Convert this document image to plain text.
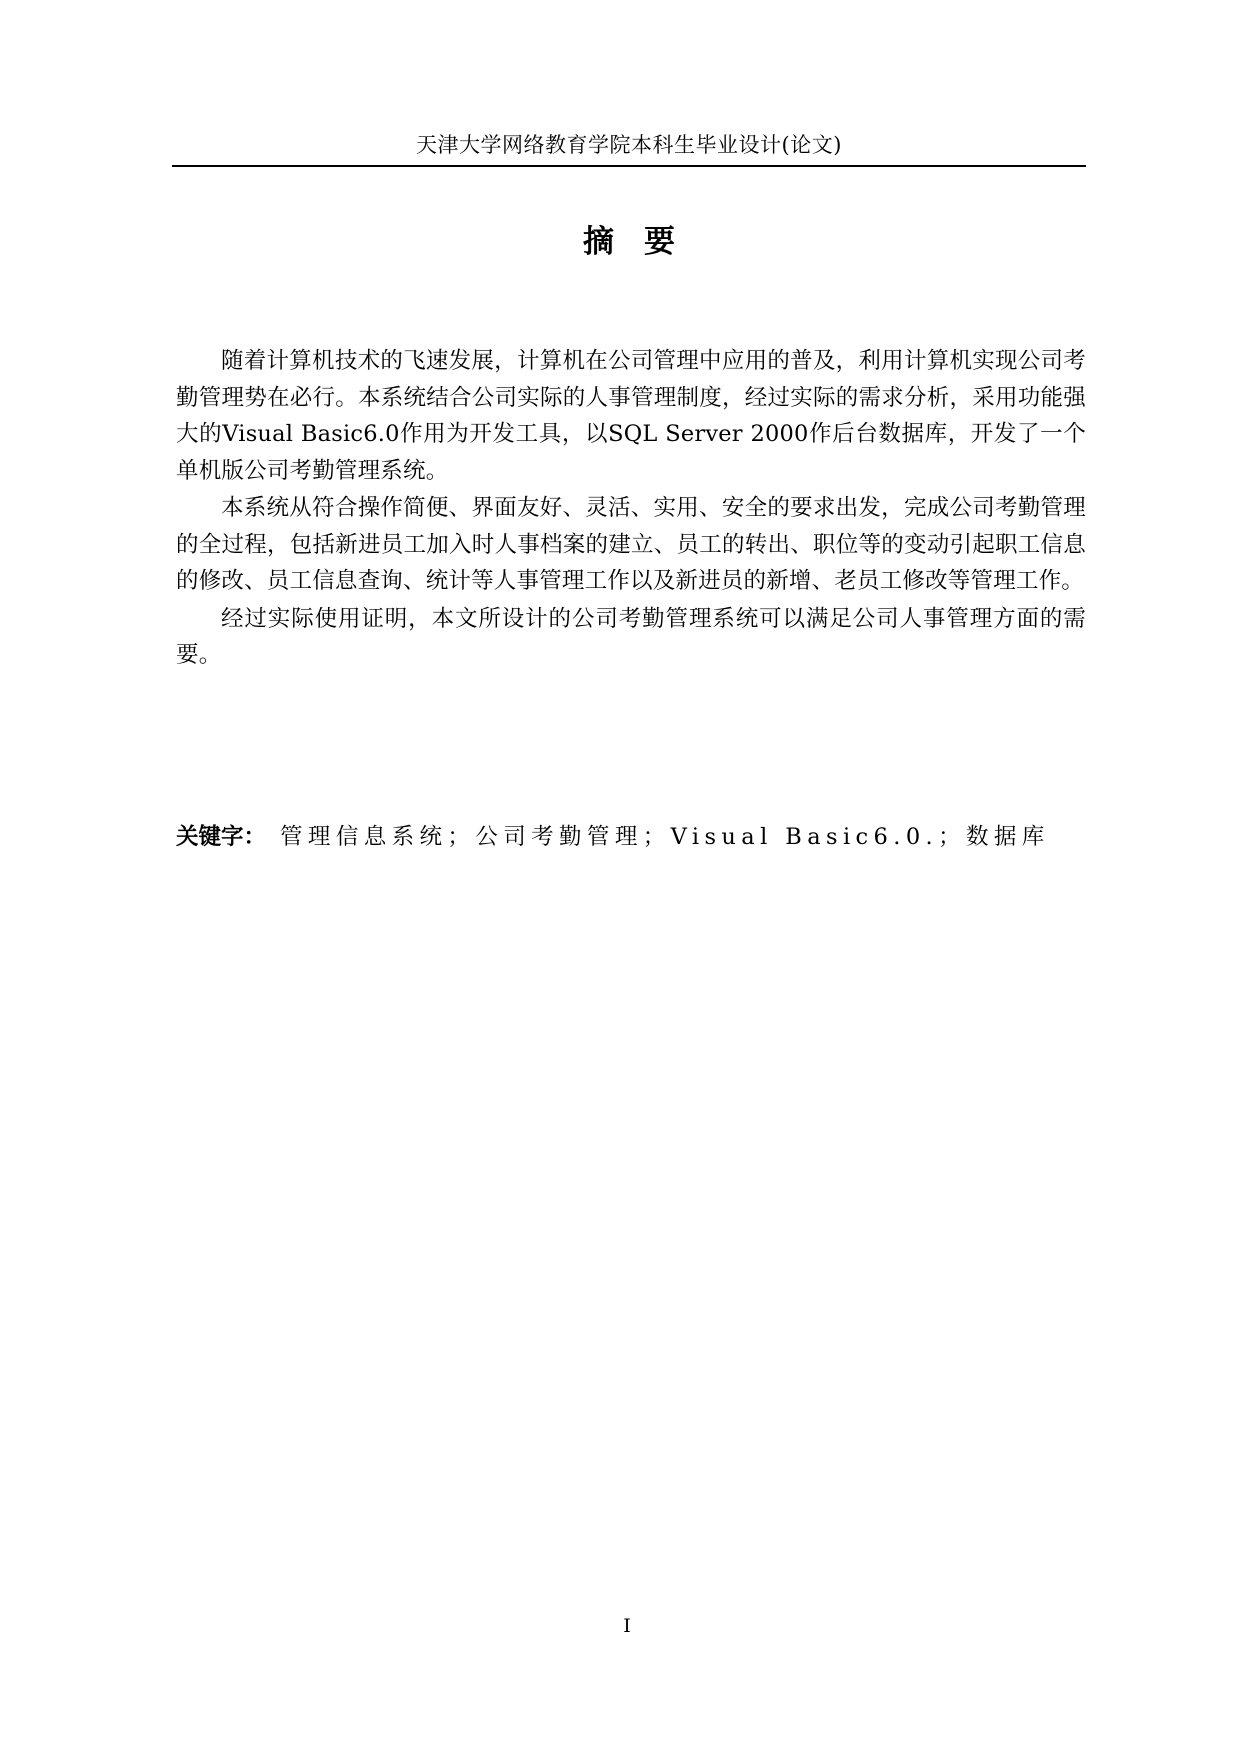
天津大学网络教育学院本科生毕业设计(论文)
摘要

随着计算机技术的飞速发展，计算机在公司管理中应用的普及，利用计算机实现公司考勤管理势在必行。本系统结合公司实际的人事管理制度，经过实际的需求分析，采用功能强大的Visual Basic6.0作用为开发工具，以SQL Server 2000作后台数据库，开发了一个单机版公司考勤管理系统。

本系统从符合操作简便、界面友好、灵活、实用、安全的要求出发，完成公司考勤管理的全过程，包括新进员工加入时人事档案的建立、员工的转出、职位等的变动引起职工信息的修改、员工信息查询、统计等人事管理工作以及新进员的新增、老员工修改等管理工作。

经过实际使用证明，本文所设计的公司考勤管理系统可以满足公司人事管理方面的需要。

关键字： 管理信息系统；公司考勤管理；Visual Basic6.0.；数据库
I
